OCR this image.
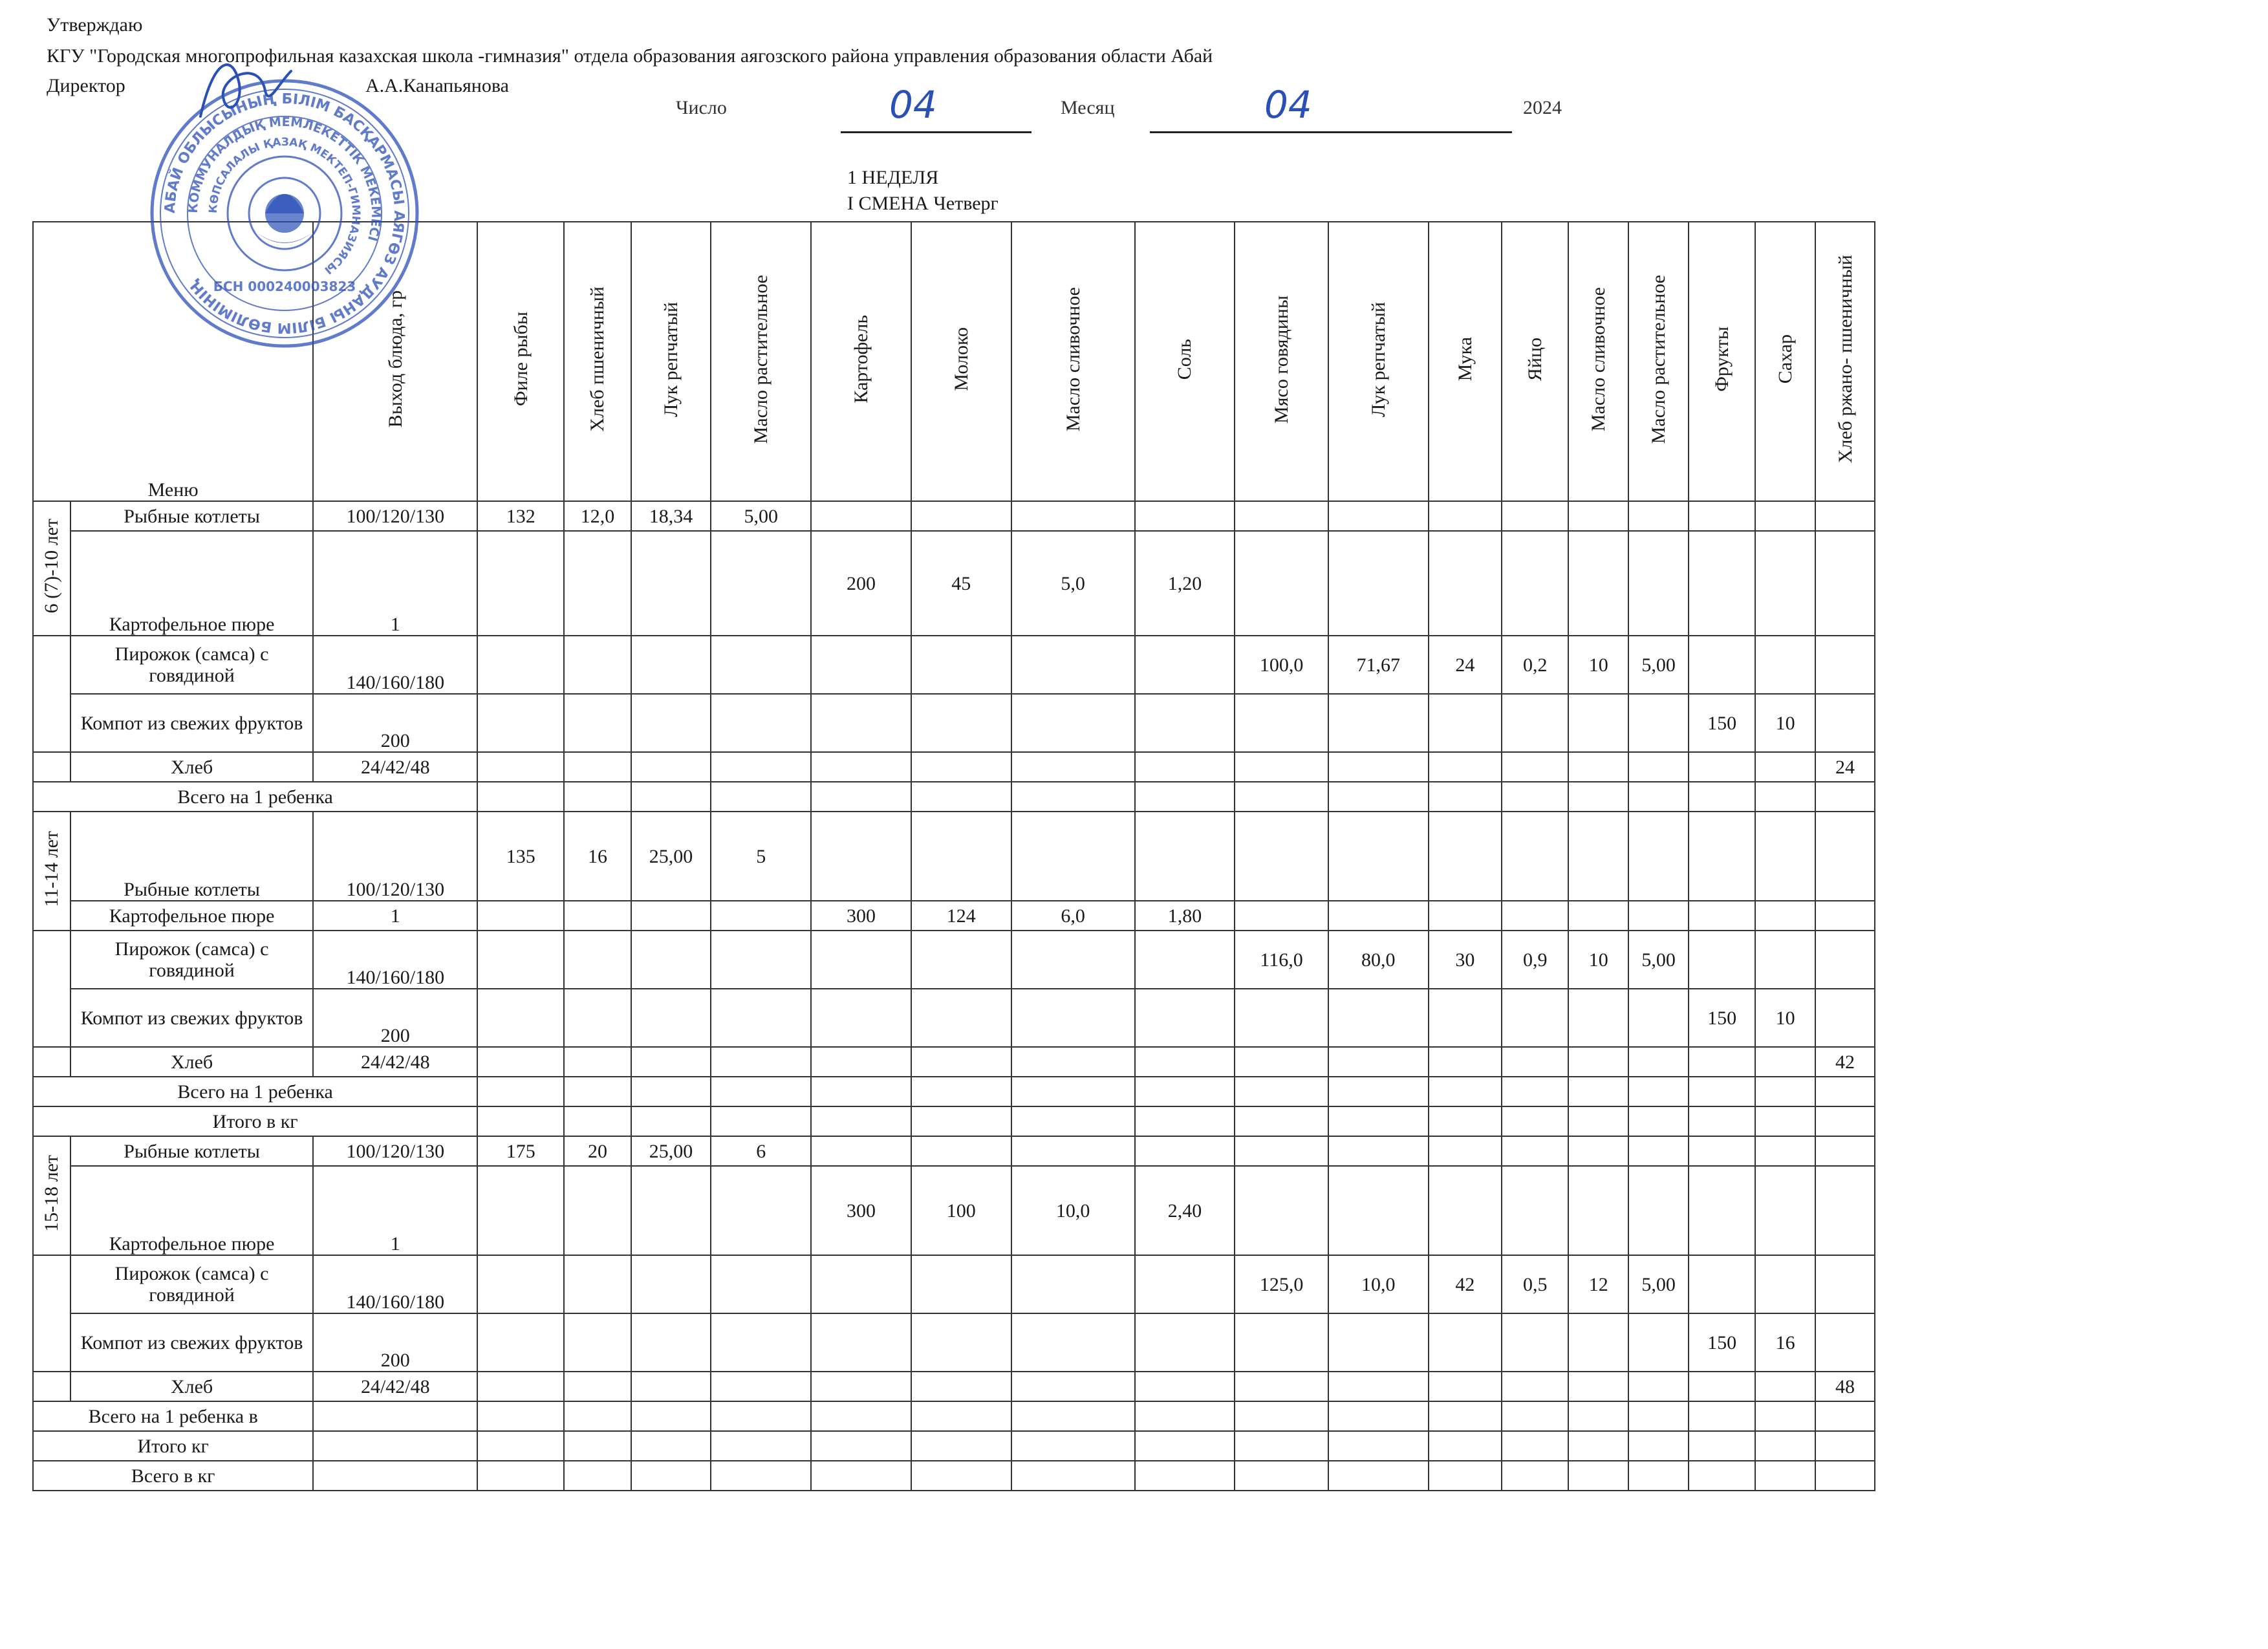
Утверждаю
КГУ "Городская многопрофильная казахская школа -гимназия" отдела образования аягозского района управления образования области Абай
Директор	А.А.Канапьянова
Число	04	Месяц	04	2024
1 НЕДЕЛЯ
I СМЕНА Четверг
Меню		Выход блюда, гр	Филе рыбы	Хлеб пшеничный	Лук репчатый	Масло растительное	Картофель	Молоко	Масло сливочное	Соль	Мясо говядины	Лук репчатый	Мука	Яйцо	Масло сливочное	Масло растительное	Фрукты	Сахар	Хлеб ржано- пшеничный
6 (7)-10 лет	Рыбные котлеты	100/120/130	132	12,0	18,34	5,00													
	Картофельное пюре	1					200	45	5,0	1,20									
	Пирожок (самса) с говядиной	140/160/180									100,0	71,67	24	0,2	10	5,00			
	Компот из свежих фруктов	200															150	10	
	Хлеб	24/42/48																	24
Всего на 1 ребенка																			
11-14 лет	Рыбные котлеты	100/120/130	135	16	25,00	5													
	Картофельное пюре	1					300	124	6,0	1,80									
	Пирожок (самса) с говядиной	140/160/180									116,0	80,0	30	0,9	10	5,00			
	Компот из свежих фруктов	200															150	10	
	Хлеб	24/42/48																	42
Всего на 1 ребенка																			
Итого в кг																			
15-18 лет	Рыбные котлеты	100/120/130	175	20	25,00	6													
	Картофельное пюре	1					300	100	10,0	2,40									
	Пирожок (самса) с говядиной	140/160/180									125,0	10,0	42	0,5	12	5,00			
	Компот из свежих фруктов	200															150	16	
	Хлеб	24/42/48																	48
Всего на 1 ребенка в																			
Итого кг																			
Всего в кг																			
АБАЙ ОБЛЫСЫНЫҢ БІЛІМ БАСҚАРМАСЫ АЯГӨЗ АУДАНЫ БІЛІМ БӨЛІМІНІҢ
КОММУНАЛДЫҚ МЕМЛЕКЕТТІК МЕКЕМЕСІ
КӨПСАЛАЛЫ ҚАЗАҚ МЕКТЕП-ГИМНАЗИЯСЫ
БСН 000240003823
